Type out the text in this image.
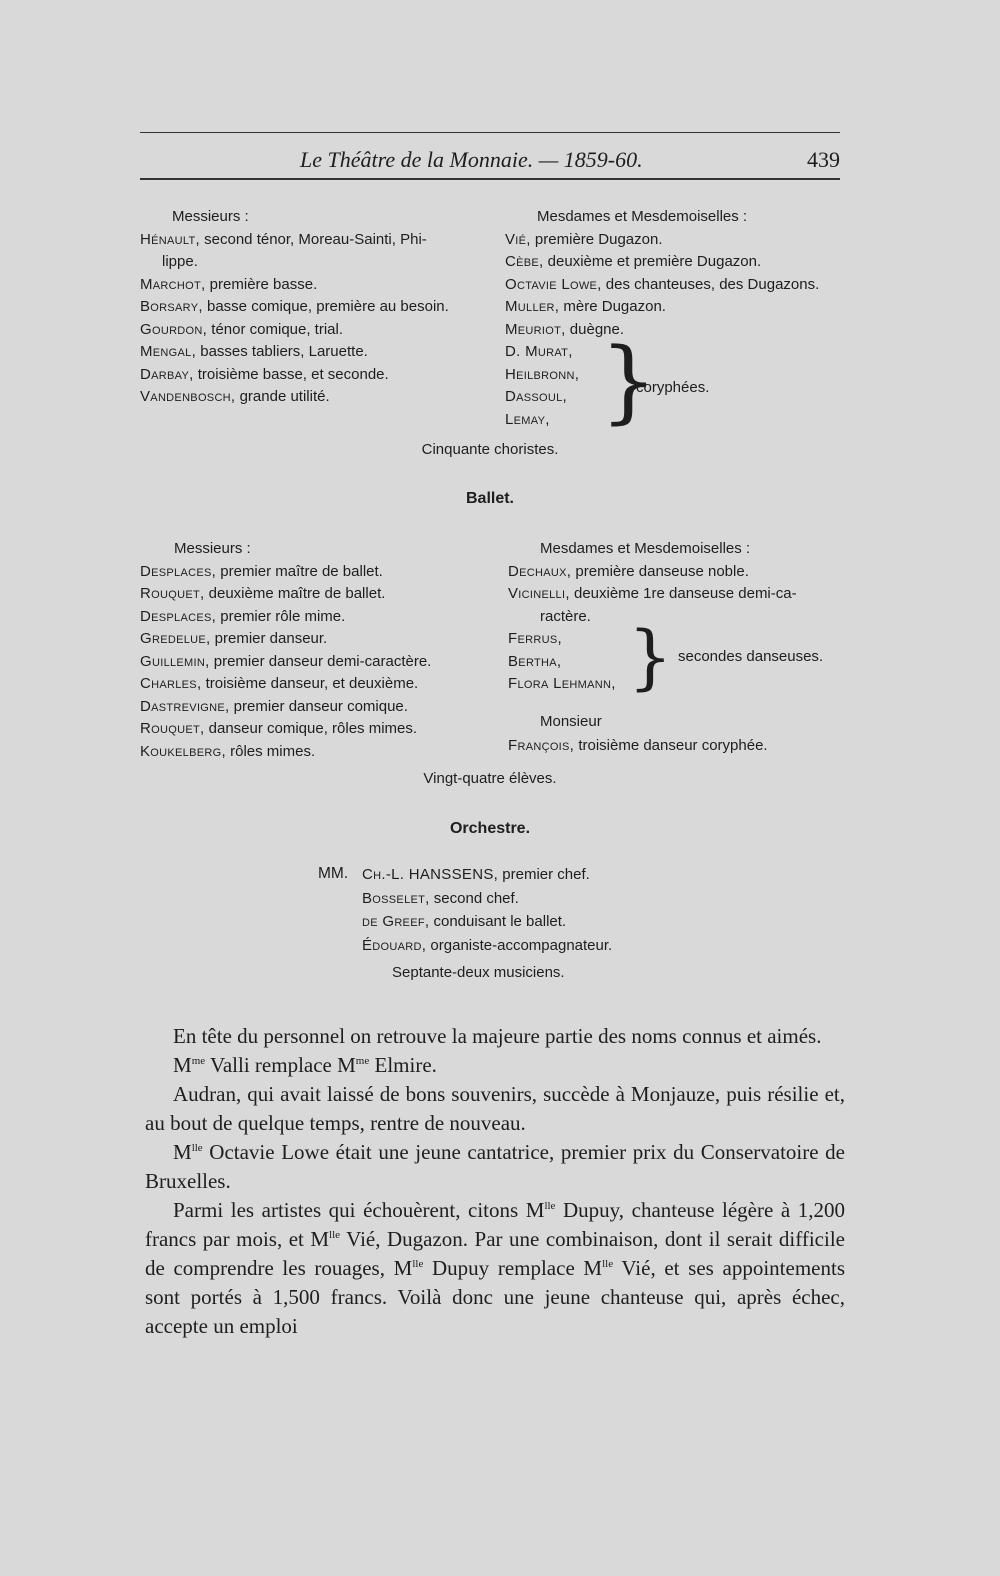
Le Théâtre de la Monnaie. — 1859-60.	439
Messieurs :
Hénault, second ténor, Moreau-Sainti, Phi-
lippe.
Marchot, première basse.
Borsary, basse comique, première au besoin.
Gourdon, ténor comique, trial.
Mengal, basses tabliers, Laruette.
Darbay, troisième basse, et seconde.
Vandenbosch, grande utilité.
Mesdames et Mesdemoiselles :
Vié, première Dugazon.
Cèbe, deuxième et première Dugazon.
Octavie Lowe, des chanteuses, des Dugazons.
Muller, mère Dugazon.
Meuriot, duègne.
D. Murat,
Heilbronn,
Dassoul,
Lemay, }
coryphées.
Cinquante choristes.
Ballet.
Messieurs :
Desplaces, premier maître de ballet.
Rouquet, deuxième maître de ballet.
Desplaces, premier rôle mime.
Gredelue, premier danseur.
Guillemin, premier danseur demi-caractère.
Charles, troisième danseur, et deuxième.
Dastrevigne, premier danseur comique.
Rouquet, danseur comique, rôles mimes.
Koukelberg, rôles mimes.
Mesdames et Mesdemoiselles :
Dechaux, première danseuse noble.
Vicinelli, deuxième 1re danseuse demi-ca-
ractère.
Ferrus,
Bertha,
Flora Lehmann, } secondes danseuses.
Monsieur
François, troisième danseur coryphée.
Vingt-quatre élèves.
Orchestre.
MM. Ch.-L. HANSSENS, premier chef.
Bosselet, second chef.
de Greef, conduisant le ballet.
Édouard, organiste-accompagnateur.
Septante-deux musiciens.

En tête du personnel on retrouve la majeure partie des noms connus et aimés.

$M^{me}$ Valli remplace $M^{me}$ Elmire.

Audran, qui avait laissé de bons souvenirs, succède à Monjauze, puis résilie et, au bout de quelque temps, rentre de nouveau.

$M^{lle}$ Octavie Lowe était une jeune cantatrice, premier prix du Conservatoire de Bruxelles.

Parmi les artistes qui échouèrent, citons $M^{lle}$ Dupuy, chanteuse légère à 1,200 francs par mois, et $M^{lle}$ Vié, Dugazon. Par une combinaison, dont il serait difficile de comprendre les rouages, $M^{lle}$ Dupuy remplace $M^{lle}$ Vié, et ses appointements sont portés à 1,500 francs. Voilà donc une jeune chanteuse qui, après échec, accepte un emploi
